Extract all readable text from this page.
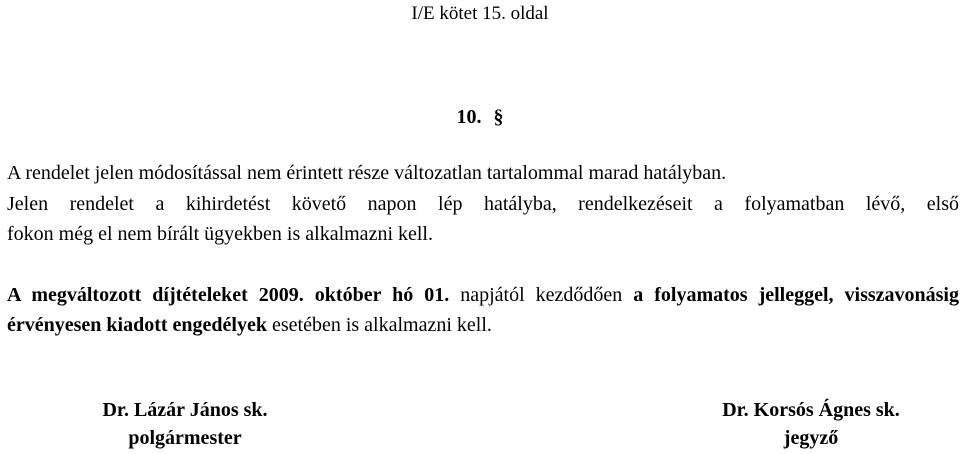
I/E kötet 15. oldal
10. §
A rendelet jelen módosítással nem érintett része változatlan tartalommal marad hatályban.
Jelen rendelet a kihirdetést követő napon lép hatályba, rendelkezéseit a folyamatban lévő, első
fokon még el nem bírált ügyekben is alkalmazni kell.
A megváltozott díjtételeket 2009. október hó 01. napjától kezdődően a folyamatos jelleggel, visszavonásig érvényesen kiadott engedélyek esetében is alkalmazni kell.
Dr. Lázár János sk.
polgármester
Dr. Korsós Ágnes sk.
jegyző
